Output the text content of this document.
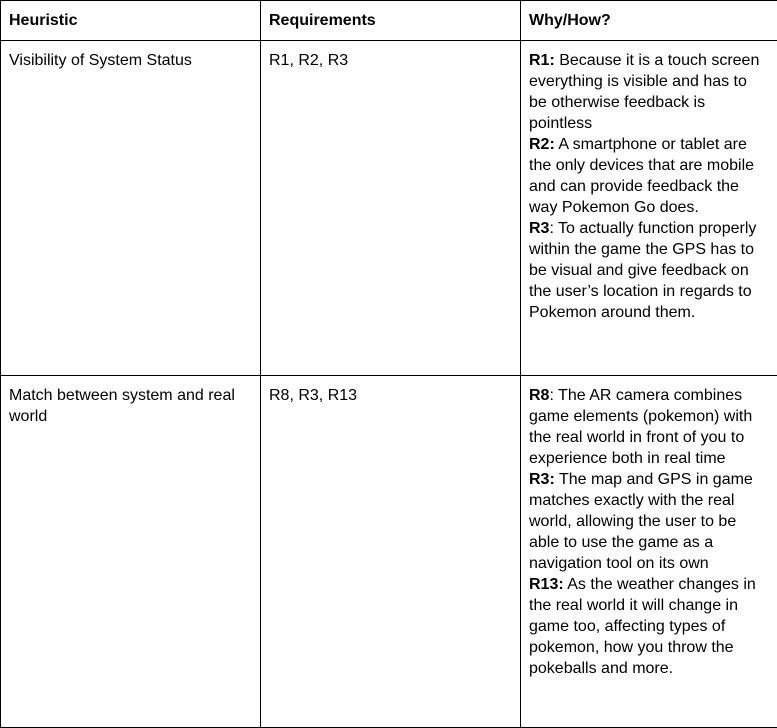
Heuristic	Requirements	Why/How?
Visibility of System Status	R1, R2, R3	R1: Because it is a touch screen everything is visible and has to be otherwise feedback is pointless
R2: A smartphone or tablet are the only devices that are mobile and can provide feedback the way Pokemon Go does.
R3: To actually function properly within the game the GPS has to be visual and give feedback on the user’s location in regards to Pokemon around them.

Match between system and real world	R8, R3, R13	R8: The AR camera combines game elements (pokemon) with the real world in front of you to experience both in real time
R3: The map and GPS in game matches exactly with the real world, allowing the user to be able to use the game as a navigation tool on its own
R13: As the weather changes in the real world it will change in game too, affecting types of pokemon, how you throw the pokeballs and more.
